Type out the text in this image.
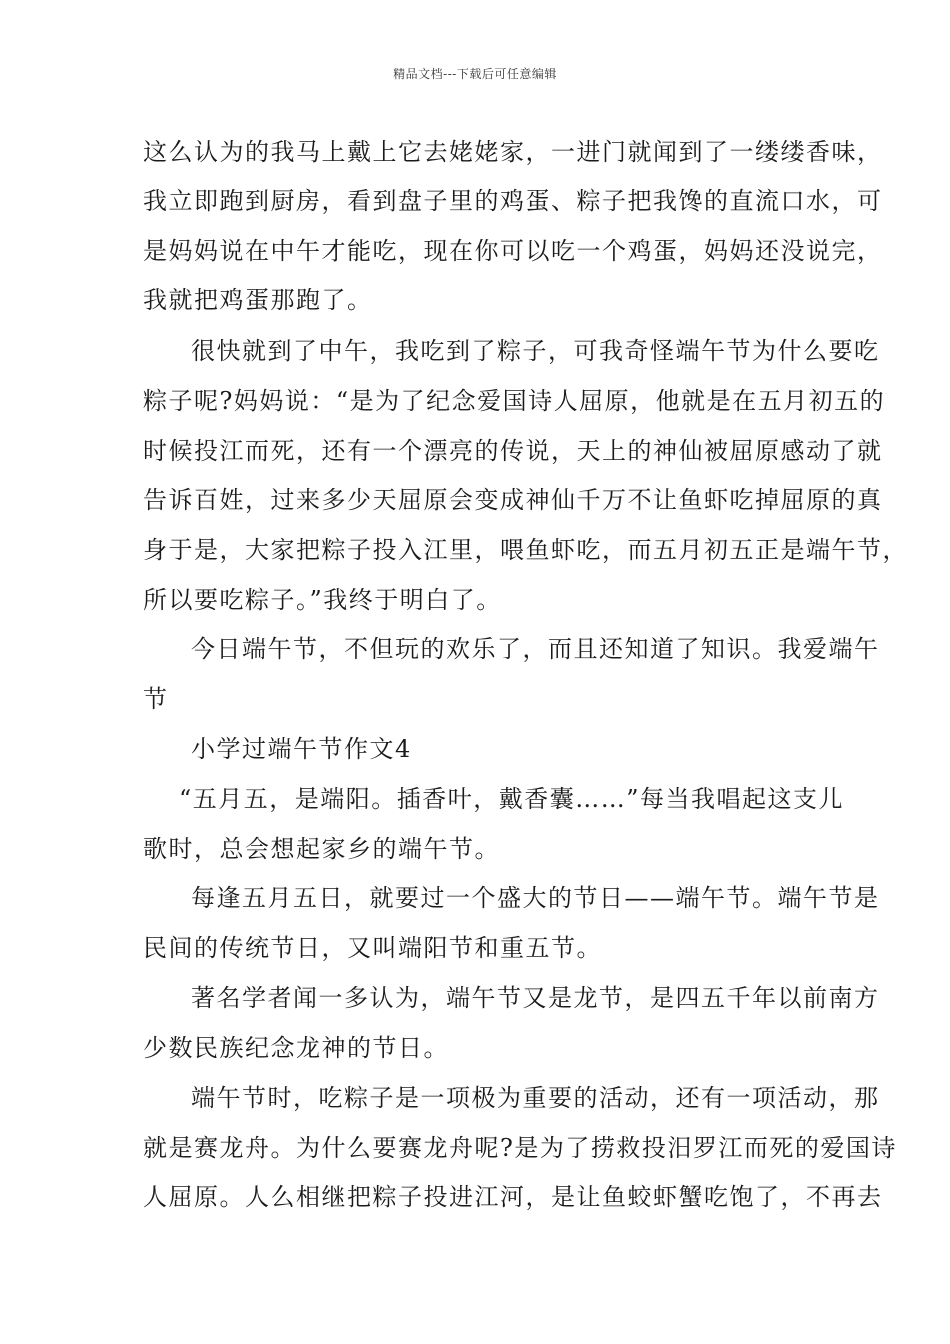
精品文档---下载后可任意编辑
这么认为的我马上戴上它去姥姥家，一进门就闻到了一缕缕香味，
我立即跑到厨房，看到盘子里的鸡蛋、粽子把我馋的直流口水，可
是妈妈说在中午才能吃，现在你可以吃一个鸡蛋，妈妈还没说完，
我就把鸡蛋那跑了。
很快就到了中午，我吃到了粽子，可我奇怪端午节为什么要吃
粽子呢?妈妈说：“是为了纪念爱国诗人屈原，他就是在五月初五的
时候投江而死，还有一个漂亮的传说，天上的神仙被屈原感动了就
告诉百姓，过来多少天屈原会变成神仙千万不让鱼虾吃掉屈原的真
身于是，大家把粽子投入江里，喂鱼虾吃，而五月初五正是端午节，
所以要吃粽子。”我终于明白了。
今日端午节，不但玩的欢乐了，而且还知道了知识。我爱端午
节
小学过端午节作文4
“五月五，是端阳。插香叶，戴香囊……”每当我唱起这支儿
歌时，总会想起家乡的端午节。
每逢五月五日，就要过一个盛大的节日——端午节。端午节是
民间的传统节日，又叫端阳节和重五节。
著名学者闻一多认为，端午节又是龙节，是四五千年以前南方
少数民族纪念龙神的节日。
端午节时，吃粽子是一项极为重要的活动，还有一项活动，那
就是赛龙舟。为什么要赛龙舟呢?是为了捞救投汨罗江而死的爱国诗
人屈原。人么相继把粽子投进江河，是让鱼蛟虾蟹吃饱了，不再去
